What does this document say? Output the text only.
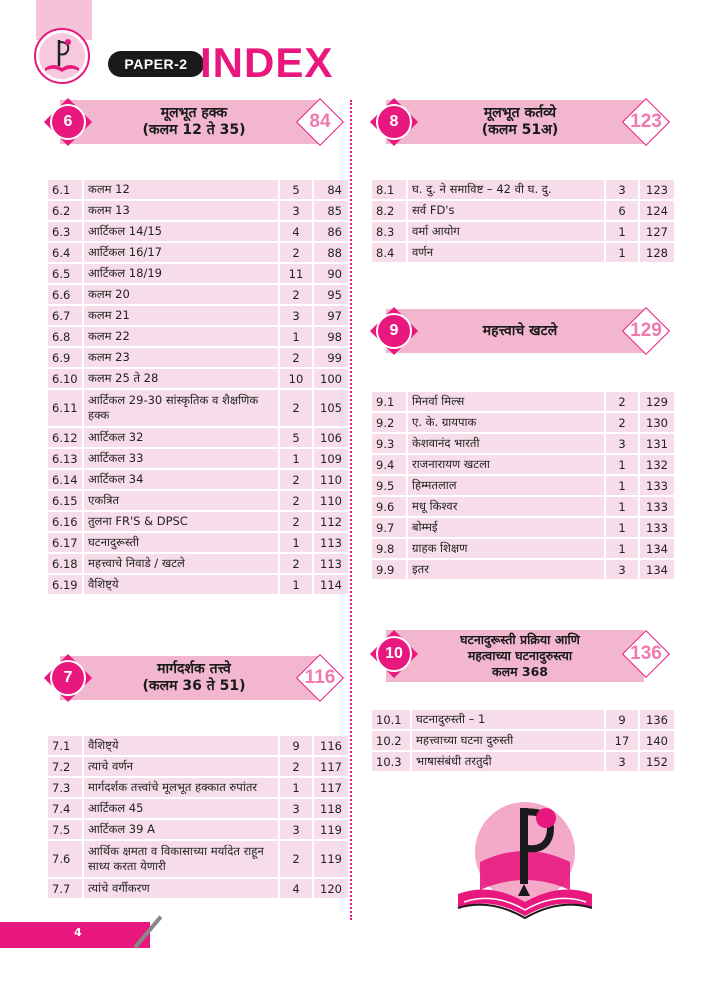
PAPER-2 INDEX
6	मूलभूत हक्क
(कलम 12 ते 35)	84
6.1	कलम 12	5	84
6.2	कलम 13	3	85
6.3	आर्टिकल 14/15	4	86
6.4	आर्टिकल 16/17	2	88
6.5	आर्टिकल 18/19	11	90
6.6	कलम 20	2	95
6.7	कलम 21	3	97
6.8	कलम 22	1	98
6.9	कलम 23	2	99
6.10	कलम 25 ते 28	10	100
6.11	आर्टिकल 29-30 सांस्कृतिक व शैक्षणिक हक्क	2	105
6.12	आर्टिकल 32	5	106
6.13	आर्टिकल 33	1	109
6.14	आर्टिकल 34	2	110
6.15	एकत्रित	2	110
6.16	तुलना FR'S & DPSC	2	112
6.17	घटनादुरूस्ती	1	113
6.18	महत्त्वाचे निवाडे / खटले	2	113
6.19	वैशिष्ट्ये	1	114
7	मार्गदर्शक तत्त्वे
(कलम 36 ते 51)	116
7.1	वैशिष्ट्ये	9	116
7.2	त्याचे वर्णन	2	117
7.3	मार्गदर्शक तत्त्वांचे मूलभूत हक्कात रुपांतर	1	117
7.4	आर्टिकल 45	3	118
7.5	आर्टिकल 39 A	3	119
7.6	आर्थिक क्षमता व विकासाच्या मर्यादेत राहून साध्य करता येणारी	2	119
7.7	त्यांचे वर्गीकरण	4	120
8	मूलभूत कर्तव्ये
(कलम 51अ)	123
8.1	घ. दु. ने समाविष्ट – 42 वी घ. दु.	3	123
8.2	सर्व FD's	6	124
8.3	वर्मा आयोग	1	127
8.4	वर्णन	1	128
9	महत्त्वाचे खटले	129
9.1	मिनर्वा मिल्स	2	129
9.2	ए. के. ग्रायपाक	2	130
9.3	केशवानंद भारती	3	131
9.4	राजनारायण खटला	1	132
9.5	हिम्मतलाल	1	133
9.6	मधू किश्वर	1	133
9.7	बोम्मई	1	133
9.8	ग्राहक शिक्षण	1	134
9.9	इतर	3	134
10
घटनादुरूस्ती प्रक्रिया आणि
महत्वाच्या घटनादुरुस्त्या
कलम 368
136
10.1	घटनादुरुस्ती – 1	9	136
10.2	महत्त्वाच्या घटना दुरुस्ती	17	140
10.3	भाषासंबंधी तरतुदी	3	152
4
